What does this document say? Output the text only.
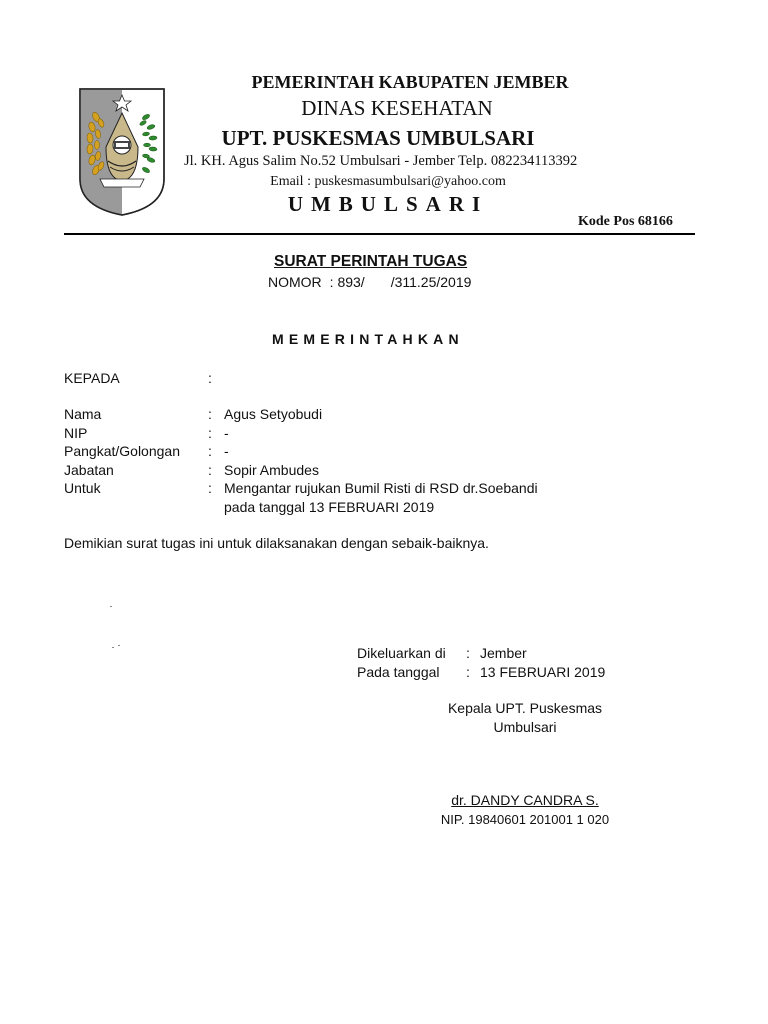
PEMERINTAH KABUPATEN JEMBER
DINAS KESEHATAN
UPT. PUSKESMAS UMBULSARI
Jl. KH. Agus Salim No.52 Umbulsari - Jember Telp. 082234113392
Email : puskesmasumbulsari@yahoo.com
UMBULSARI
Kode Pos 68166
SURAT PERINTAH TUGAS
NOMOR : 893/ /311.25/2019
MEMERINTAHKAN
KEPADA	:
Nama	: Agus Setyobudi
NIP	: -
Pangkat/Golongan : -
Jabatan	: Sopir Ambudes
Untuk	: Mengantar rujukan Bumil Risti di RSD dr.Soebandi
pada tanggal 13 FEBRUARI 2019
Demikian surat tugas ini untuk dilaksanakan dengan sebaik-baiknya.
Dikeluarkan di : Jember
Pada tanggal : 13 FEBRUARI 2019
Kepala UPT. Puskesmas
Umbulsari
dr. DANDY CANDRA S.
NIP. 19840601 201001 1 020
